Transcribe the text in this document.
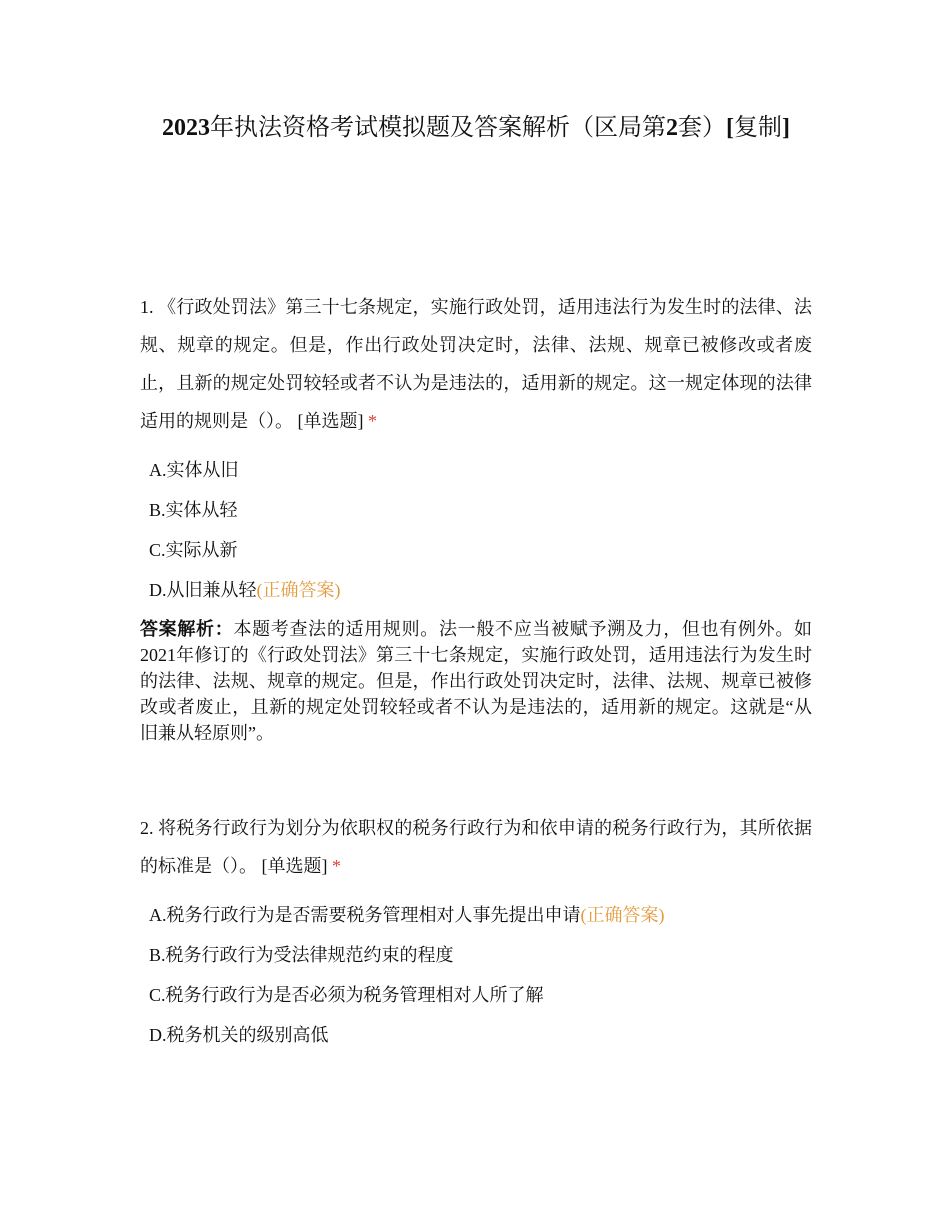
2023年执法资格考试模拟题及答案解析（区局第2套）[复制]

1. 《行政处罚法》第三十七条规定，实施行政处罚，适用违法行为发生时的法律、法规、规章的规定。但是，作出行政处罚决定时，法律、法规、规章已被修改或者废止，且新的规定处罚较轻或者不认为是违法的，适用新的规定。这一规定体现的法律适用的规则是（）。 [单选题] *

A.实体从旧
B.实体从轻
C.实际从新
D.从旧兼从轻(正确答案)
答案解析：本题考查法的适用规则。法一般不应当被赋予溯及力，但也有例外。如2021年修订的《行政处罚法》第三十七条规定，实施行政处罚，适用违法行为发生时的法律、法规、规章的规定。但是，作出行政处罚决定时，法律、法规、规章已被修改或者废止，且新的规定处罚较轻或者不认为是违法的，适用新的规定。这就是“从旧兼从轻原则”。

2. 将税务行政行为划分为依职权的税务行政行为和依申请的税务行政行为，其所依据的标准是（）。 [单选题] *

A.税务行政行为是否需要税务管理相对人事先提出申请(正确答案)
B.税务行政行为受法律规范约束的程度
C.税务行政行为是否必须为税务管理相对人所了解
D.税务机关的级别高低
